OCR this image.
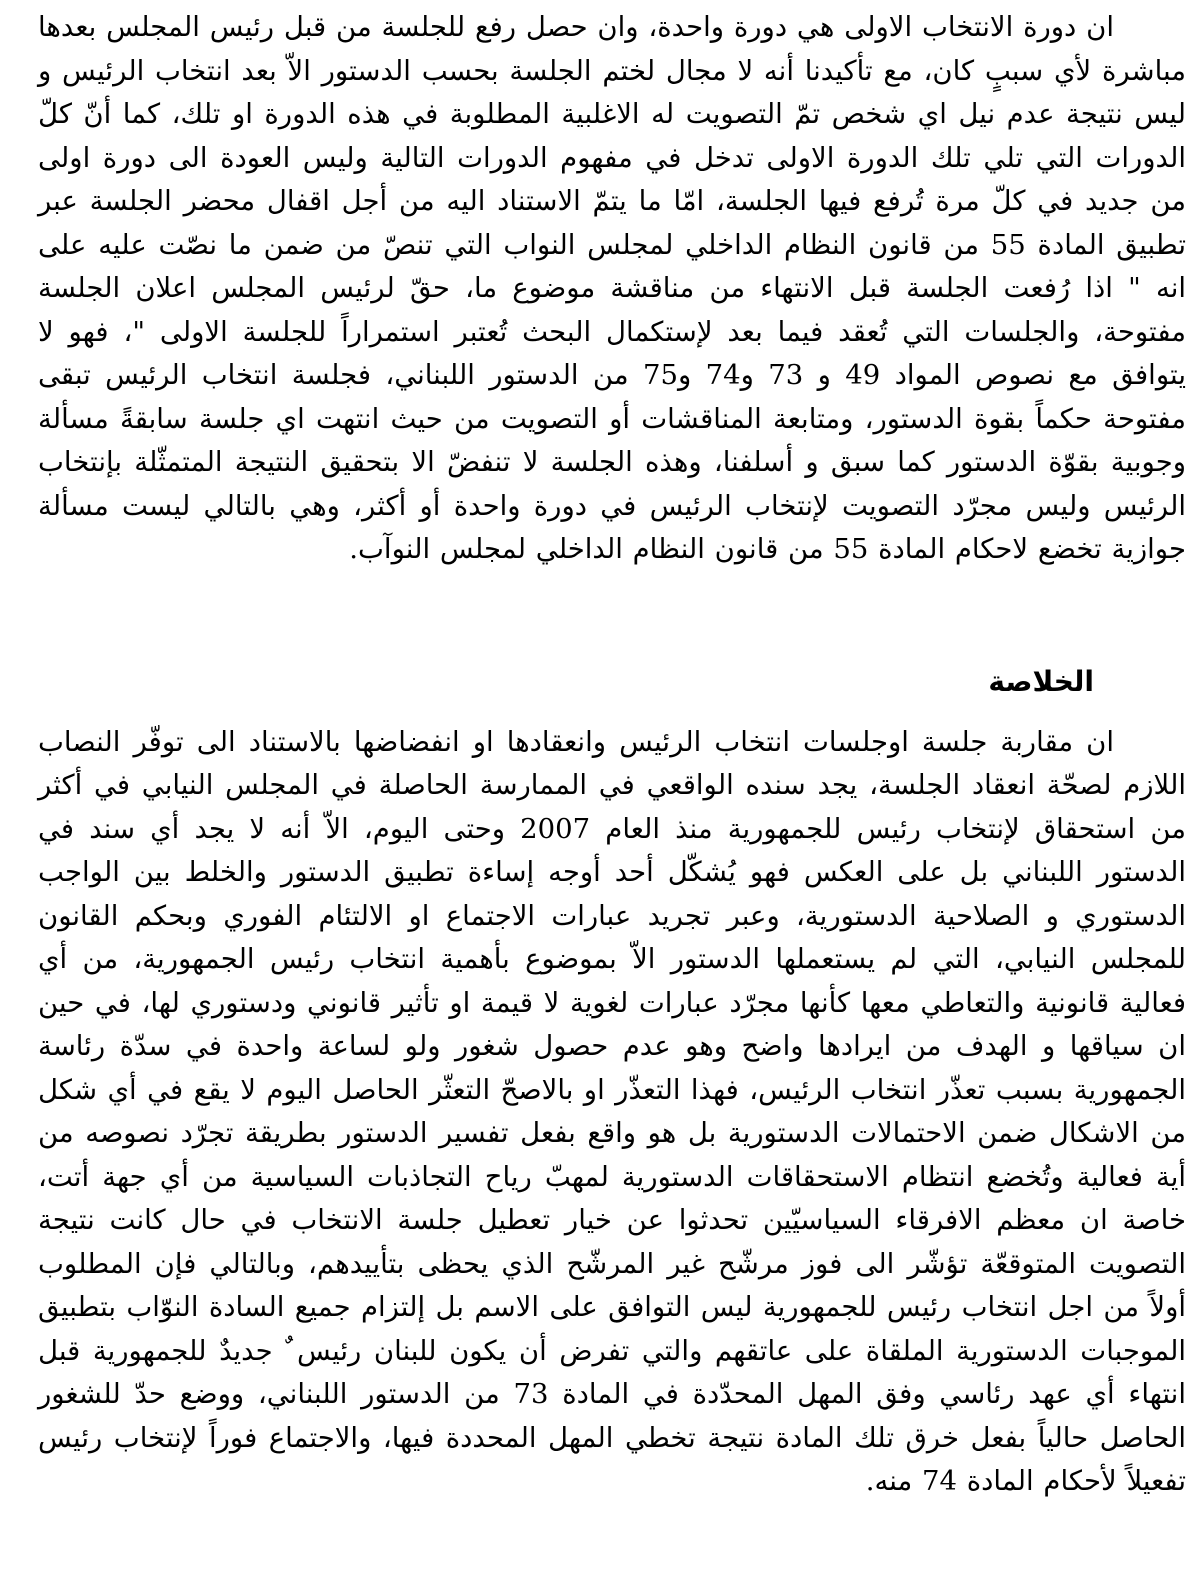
ان دورة الانتخاب الاولى هي دورة واحدة، وان حصل رفع للجلسة من قبل رئيس المجلس بعدها مباشرة لأي سببٍ كان، مع تأكيدنا أنه لا مجال لختم الجلسة بحسب الدستور الاّ بعد انتخاب الرئيس و ليس نتيجة عدم نيل اي شخص تمّ التصويت له الاغلبية المطلوبة في هذه الدورة او تلك، كما أنّ كلّ الدورات التي تلي تلك الدورة الاولى تدخل في مفهوم الدورات التالية وليس العودة الى دورة اولى من جديد في كلّ مرة تُرفع فيها الجلسة، امّا ما يتمّ الاستناد اليه من أجل اقفال محضر الجلسة عبر تطبيق المادة 55 من قانون النظام الداخلي لمجلس النواب التي تنصّ من ضمن ما نصّت عليه على انه " اذا رُفعت الجلسة قبل الانتهاء من مناقشة موضوع ما، حقّ لرئيس المجلس اعلان الجلسة مفتوحة، والجلسات التي تُعقد فيما بعد لإستكمال البحث تُعتبر استمراراً للجلسة الاولى "، فهو لا يتوافق مع نصوص المواد 49 و 73 و74 و75 من الدستور اللبناني، فجلسة انتخاب الرئيس تبقى مفتوحة حكماً بقوة الدستور، ومتابعة المناقشات أو التصويت من حيث انتهت اي جلسة سابقةً مسألة وجوبية بقوّة الدستور كما سبق و أسلفنا، وهذه الجلسة لا تنفضّ الا بتحقيق النتيجة المتمثّلة بإنتخاب الرئيس وليس مجرّد التصويت لإنتخاب الرئيس في دورة واحدة أو أكثر، وهي بالتالي ليست مسألة جوازية تخضع لاحكام المادة 55 من قانون النظام الداخلي لمجلس النوآب.

الخلاصة

ان مقاربة جلسة اوجلسات انتخاب الرئيس وانعقادها او انفضاضها بالاستناد الى توفّر النصاب اللازم لصحّة انعقاد الجلسة، يجد سنده الواقعي في الممارسة الحاصلة في المجلس النيابي في أكثر من استحقاق لإنتخاب رئيس للجمهورية منذ العام 2007 وحتى اليوم، الاّ أنه لا يجد أي سند في الدستور اللبناني بل على العكس فهو يُشكّل أحد أوجه إساءة تطبيق الدستور والخلط بين الواجب الدستوري و الصلاحية الدستورية، وعبر تجريد عبارات الاجتماع او الالتئام الفوري وبحكم القانون للمجلس النيابي، التي لم يستعملها الدستور الاّ بموضوع بأهمية انتخاب رئيس الجمهورية، من أي فعالية قانونية والتعاطي معها كأنها مجرّد عبارات لغوية لا قيمة او تأثير قانوني ودستوري لها، في حين ان سياقها و الهدف من ايرادها واضح وهو عدم حصول شغور ولو لساعة واحدة في سدّة رئاسة الجمهورية بسبب تعذّر انتخاب الرئيس، فهذا التعذّر او بالاصحّ التعثّر الحاصل اليوم لا يقع في أي شكل من الاشكال ضمن الاحتمالات الدستورية بل هو واقع بفعل تفسير الدستور بطريقة تجرّد نصوصه من أية فعالية وتُخضع انتظام الاستحقاقات الدستورية لمهبّ رياح التجاذبات السياسية من أي جهة أتت، خاصة ان معظم الافرقاء السياسيّين تحدثوا عن خيار تعطيل جلسة الانتخاب في حال كانت نتيجة التصويت المتوقعّة تؤشّر الى فوز مرشّح غير المرشّح الذي يحظى بتأييدهم، وبالتالي فإن المطلوب أولاً من اجل انتخاب رئيس للجمهورية ليس التوافق على الاسم بل إلتزام جميع السادة النوّاب بتطبيق الموجبات الدستورية الملقاة على عاتقهم والتي تفرض أن يكون للبنان رئيس ٌ جديدٌ للجمهورية قبل انتهاء أي عهد رئاسي وفق المهل المحدّدة في المادة 73 من الدستور اللبناني، ووضع حدّ للشغور الحاصل حالياً بفعل خرق تلك المادة نتيجة تخطي المهل المحددة فيها، والاجتماع فوراً لإنتخاب رئيس تفعيلاً لأحكام المادة 74 منه.
